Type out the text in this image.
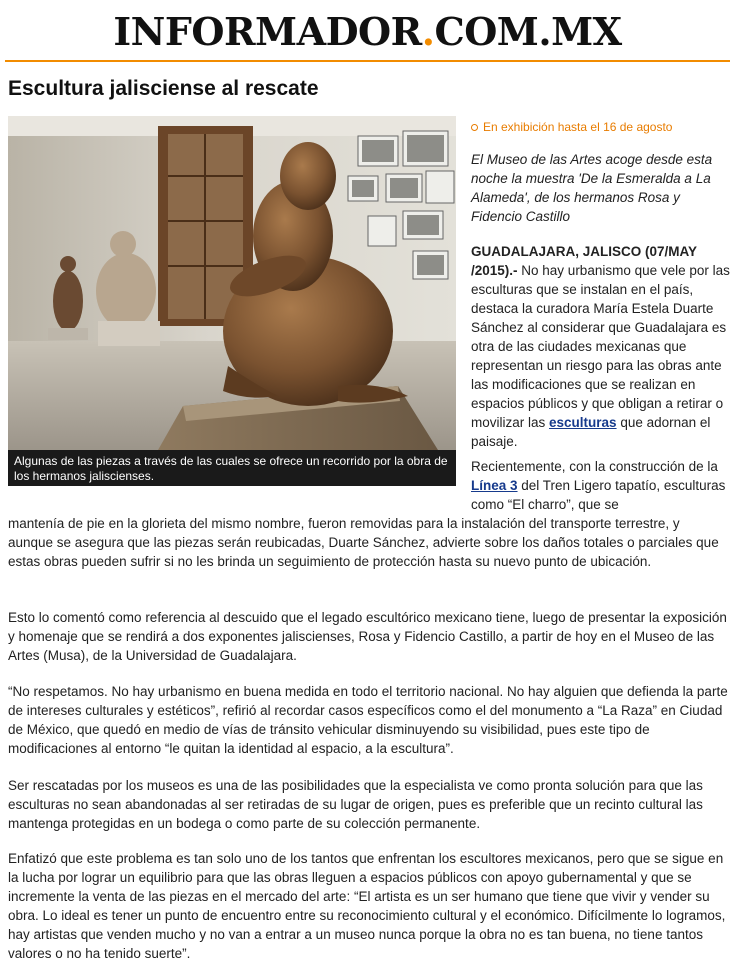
INFORMADOR.COM.MX
Escultura jalisciense al rescate
Algunas de las piezas a través de las cuales se ofrece un recorrido por la obra de los hermanos jaliscienses.

En exhibición hasta el 16 de agosto

El Museo de las Artes acoge desde esta noche la muestra 'De la Esmeralda a La Alameda', de los hermanos Rosa y Fidencio Castillo

GUADALAJARA, JALISCO (07/MAY /2015).- No hay urbanismo que vele por las esculturas que se instalan en el país, destaca la curadora María Estela Duarte Sánchez al considerar que Guadalajara es otra de las ciudades mexicanas que representan un riesgo para las obras ante las modificaciones que se realizan en espacios públicos y que obligan a retirar o movilizar las esculturas que adornan el paisaje.

Recientemente, con la construcción de la Línea 3 del Tren Ligero tapatío, esculturas como “El charro”, que se

mantenía de pie en la glorieta del mismo nombre, fueron removidas para la instalación del transporte terrestre, y aunque se asegura que las piezas serán reubicadas, Duarte Sánchez, advierte sobre los daños totales o parciales que estas obras pueden sufrir si no les brinda un seguimiento de protección hasta su nuevo punto de ubicación.

Esto lo comentó como referencia al descuido que el legado escultórico mexicano tiene, luego de presentar la exposición y homenaje que se rendirá a dos exponentes jaliscienses, Rosa y Fidencio Castillo, a partir de hoy en el Museo de las Artes (Musa), de la Universidad de Guadalajara.

“No respetamos. No hay urbanismo en buena medida en todo el territorio nacional. No hay alguien que defienda la parte de intereses culturales y estéticos”, refirió al recordar casos específicos como el del monumento a “La Raza” en Ciudad de México, que quedó en medio de vías de tránsito vehicular disminuyendo su visibilidad, pues este tipo de modificaciones al entorno “le quitan la identidad al espacio, a la escultura”.

Ser rescatadas por los museos es una de las posibilidades que la especialista ve como pronta solución para que las esculturas no sean abandonadas al ser retiradas de su lugar de origen, pues es preferible que un recinto cultural las mantenga protegidas en un bodega o como parte de su colección permanente.

Enfatizó que este problema es tan solo uno de los tantos que enfrentan los escultores mexicanos, pero que se sigue en la lucha por lograr un equilibrio para que las obras lleguen a espacios públicos con apoyo gubernamental y que se incremente la venta de las piezas en el mercado del arte: “El artista es un ser humano que tiene que vivir y vender su obra. Lo ideal es tener un punto de encuentro entre su reconocimiento cultural y el económico. Difícilmente lo logramos, hay artistas que venden mucho y no van a entrar a un museo nunca porque la obra no es tan buena, no tiene tantos valores o no ha tenido suerte”.
